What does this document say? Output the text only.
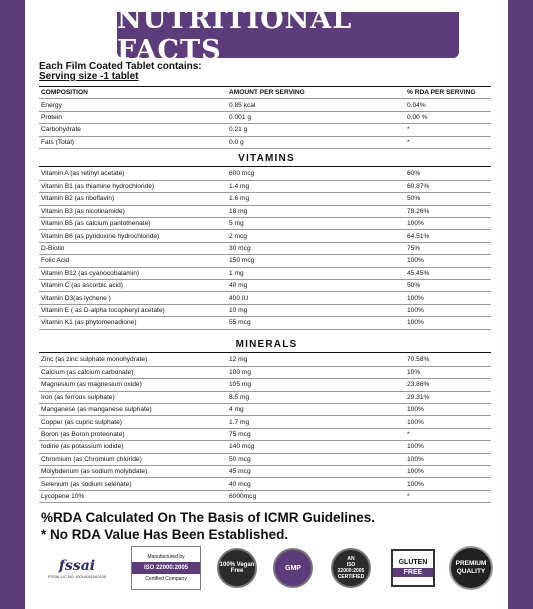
NUTRITIONAL FACTS
Each Film Coated Tablet contains:
Serving size -1 tablet
COMPOSITION	AMOUNT PER SERVING	% RDA PER SERVING
Energy	0.85 kcal	0.04%
Protein	0.001 g	0.00 %
Carbohydrate	0.21 g	*
Fats (Total)	0.0 g	*
VITAMINS
Vitamin A (as retinyl acetate)	600 mcg	60%
Vitamin B1 (as thiamine hydrochloride)	1.4 mg	60.87%
Vitamin B2 (as riboflavin)	1.6 mg	50%
Vitamin B3 (as nicotinamide)	18 mg	78.26%
Vitamin B5 (as calcium pantothenate)	5 mg	100%
Vitamin B6 (as pyridoxine hydrochloride)	2 mcg	64.51%
D-Biotin	30 mcg	75%
Folic Acid	150 mcg	100%
Vitamin B12 (as cyanocobalamin)	1 mg	45.45%
Vitamin C (as ascorbic acid)	40 mg	50%
Vitamin D3(as lychene )	400 IU	100%
Vitamin E ( as D-alpha tocopheryl acetate)	10 mg	100%
Vitamin K1 (as phytomenadione)	55 mcg	100%
MINERALS
Zinc (as zinc sulphate monohydrate)	12 mg	70.58%
Calcium (as calcium carbonate)	100 mg	10%
Magnesium (as magnesium oxide)	105 mg	23.86%
Iron (as ferrous sulphate)	8.5 mg	29.31%
Manganese (as manganese sulphate)	4 mg	100%
Copper (as cupric sulphate)	1.7 mg	100%
Boron (as Boron proteonate)	75 mcg	*
Iodine (as potassium iodide)	140 mcg	100%
Chromium (as Chromium chloride)	50 mcg	100%
Molybdenum (as sodium molybdate)	45 mcg	100%
Selenium (as sodium selenate)	40 mcg	100%
Lycopene 10%	6000mcg	*
%RDA Calculated On The Basis of ICMR Guidelines.
* No RDA Value Has Been Established.
fssai
FSSAI LIC.NO 10019051000105
Manufactured by
ISO 22000:2005
Certified Company
100% Vegan Free	GMP
AN
ISO
22000:2005
CERTIFIED
GLUTEN
FREE
PREMIUM
QUALITY
